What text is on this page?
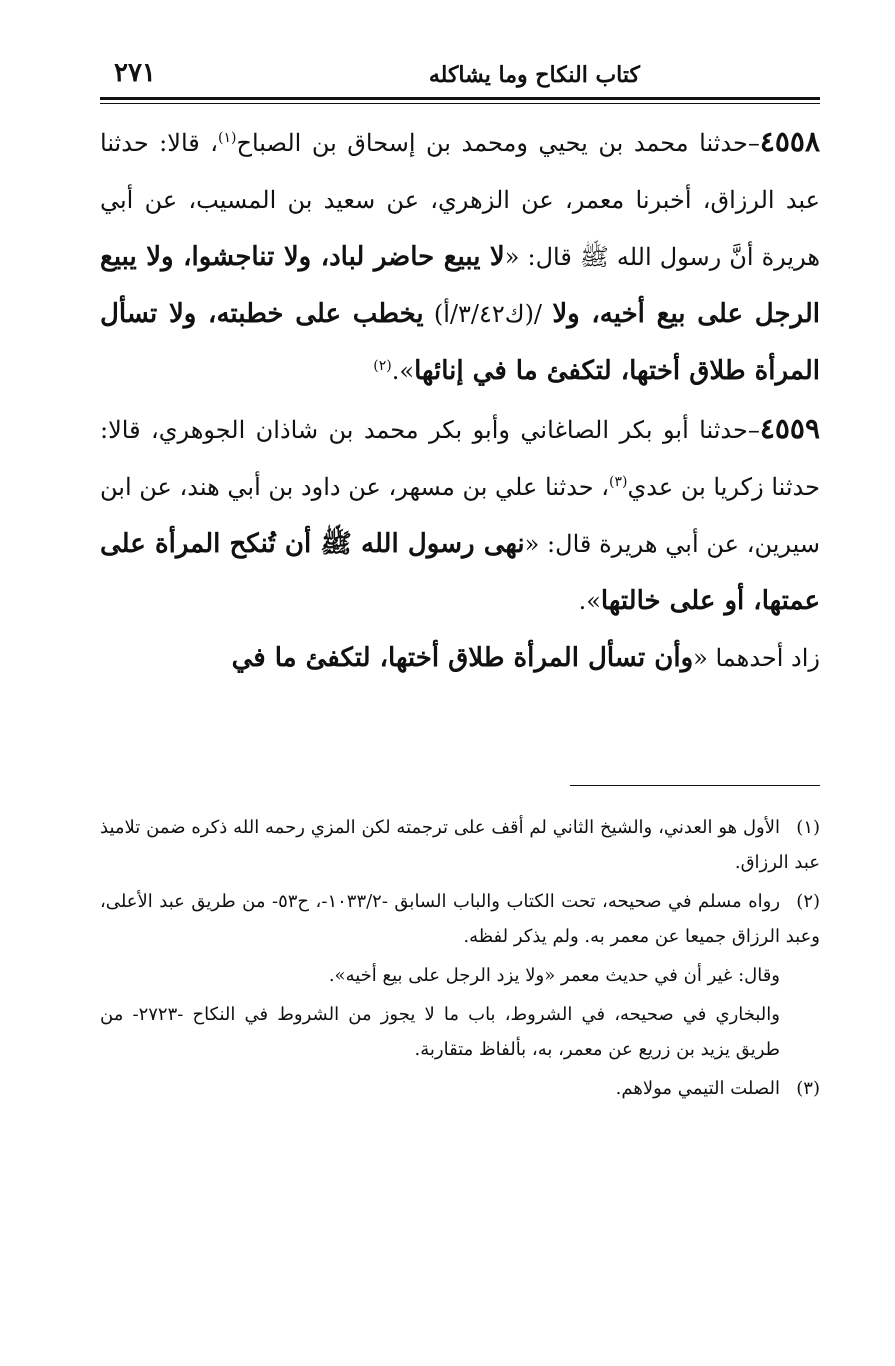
كتاب النكاح وما يشاكله
٢٧١

٤٥٥٨–حدثنا محمد بن يحيي ومحمد بن إسحاق بن الصباح$^{(١)}$، قالا: حدثنا عبد الرزاق، أخبرنا معمر، عن الزهري، عن سعيد بن المسيب، عن أبي هريرة أنَّ رسول الله ﷺ قال: «لا يبيع حاضر لباد، ولا تناجشوا، ولا يبيع الرجل على بيع أخيه، ولا /(ك٣/٤٢/أ) يخطب على خطبته، ولا تسأل المرأة طلاق أختها، لتكفئ ما في إنائها».$^{(٢)}$

٤٥٥٩–حدثنا أبو بكر الصاغاني وأبو بكر محمد بن شاذان الجوهري، قالا: حدثنا زكريا بن عدي$^{(٣)}$، حدثنا علي بن مسهر، عن داود بن أبي هند، عن ابن سيرين، عن أبي هريرة قال: «نهى رسول الله ﷺ أن تُنكح المرأة على عمتها، أو على خالتها».

زاد أحدهما «وأن تسأل المرأة طلاق أختها، لتكفئ ما في

(١)الأول هو العدني، والشيخ الثاني لم أقف على ترجمته لكن المزي رحمه الله ذكره ضمن تلاميذ عبد الرزاق.

(٢)رواه مسلم في صحيحه، تحت الكتاب والباب السابق -١٠٣٣/٢-، ح٥٣- من طريق عبد الأعلى، وعبد الرزاق جميعا عن معمر به. ولم يذكر لفظه.

وقال: غير أن في حديث معمر «ولا يزد الرجل على بيع أخيه».

والبخاري في صحيحه، في الشروط، باب ما لا يجوز من الشروط في النكاح -٢٧٢٣- من طريق يزيد بن زريع عن معمر، به، بألفاظ متقاربة.

(٣)الصلت التيمي مولاهم.
